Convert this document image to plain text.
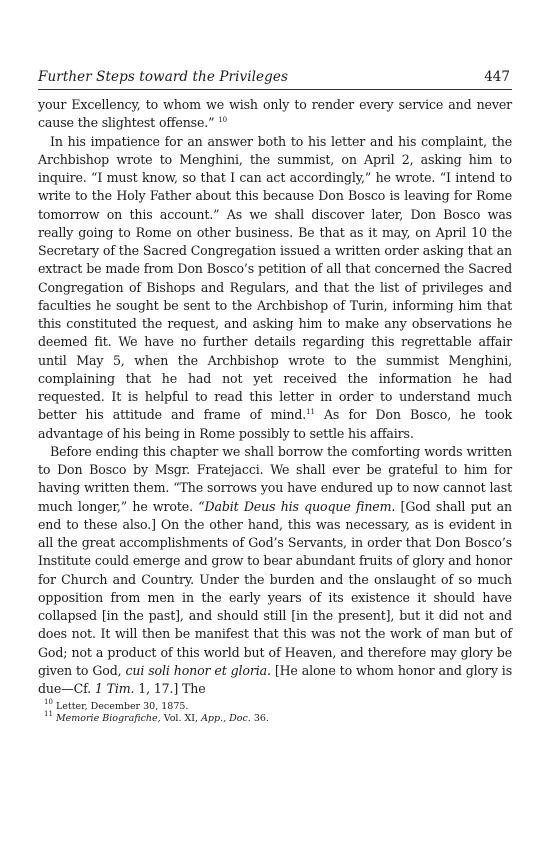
Further Steps toward the Privileges	447

your Excellency, to whom we wish only to render every service and never cause the slightest offense.” $^{10}$

In his impatience for an answer both to his letter and his complaint, the Archbishop wrote to Menghini, the summist, on April 2, asking him to inquire. “I must know, so that I can act accordingly,” he wrote. “I intend to write to the Holy Father about this because Don Bosco is leaving for Rome tomorrow on this account.” As we shall discover later, Don Bosco was really going to Rome on other business. Be that as it may, on April 10 the Secretary of the Sacred Congregation issued a written order asking that an extract be made from Don Bosco’s petition of all that concerned the Sacred Congregation of Bishops and Regulars, and that the list of privileges and faculties he sought be sent to the Archbishop of Turin, informing him that this constituted the request, and asking him to make any observations he deemed fit. We have no further details regarding this regrettable affair until May 5, when the Archbishop wrote to the summist Menghini, complaining that he had not yet received the information he had requested. It is helpful to read this letter in order to understand much better his attitude and frame of mind.$^{11}$ As for Don Bosco, he took advantage of his being in Rome possibly to settle his affairs.

Before ending this chapter we shall borrow the comforting words written to Don Bosco by Msgr. Fratejacci. We shall ever be grateful to him for having written them. “The sorrows you have endured up to now cannot last much longer,” he wrote. “Dabit Deus his quoque finem. [God shall put an end to these also.] On the other hand, this was necessary, as is evident in all the great accomplishments of God’s Servants, in order that Don Bosco’s Institute could emerge and grow to bear abundant fruits of glory and honor for Church and Country. Under the burden and the onslaught of so much opposition from men in the early years of its existence it should have collapsed [in the past], and should still [in the present], but it did not and does not. It will then be manifest that this was not the work of man but of God; not a product of this world but of Heaven, and therefore may glory be given to God, cui soli honor et gloria. [He alone to whom honor and glory is due—Cf. 1 Tim. 1, 17.] The

$^{10}$ Letter, December 30, 1875.
$^{11}$ Memorie Biografiche, Vol. XI, App., Doc. 36.
